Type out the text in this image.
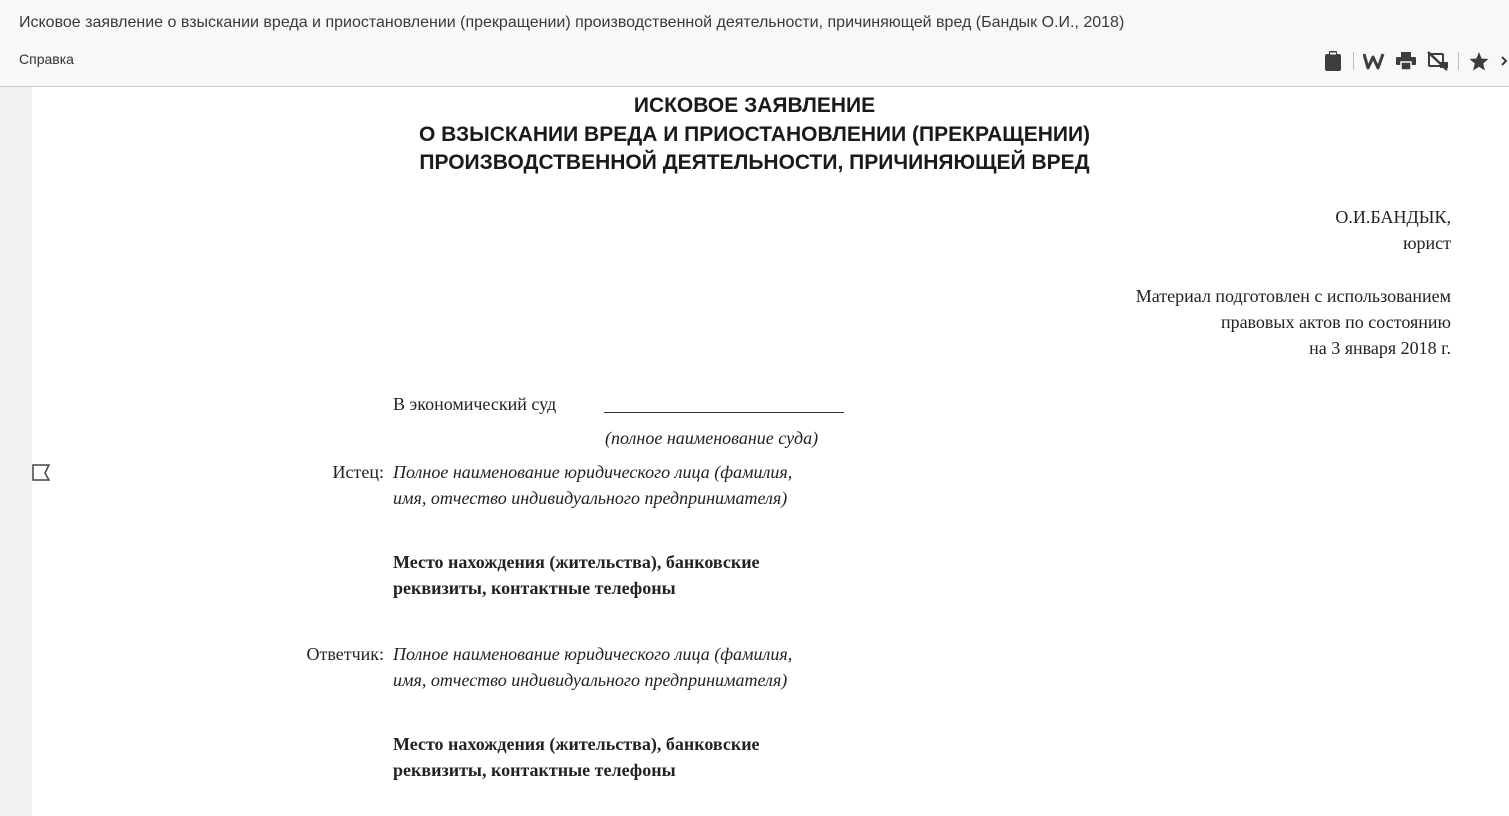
Исковое заявление о взыскании вреда и приостановлении (прекращении) производственной деятельности, причиняющей вред (Бандык О.И., 2018)
Справка
ИСКОВОЕ ЗАЯВЛЕНИЕ
О ВЗЫСКАНИИ ВРЕДА И ПРИОСТАНОВЛЕНИИ (ПРЕКРАЩЕНИИ)
ПРОИЗВОДСТВЕННОЙ ДЕЯТЕЛЬНОСТИ, ПРИЧИНЯЮЩЕЙ ВРЕД
О.И.БАНДЫК,
юрист
Материал подготовлен с использованием
правовых актов по состоянию
на 3 января 2018 г.
В экономический суд
(полное наименование суда)
Истец: Полное наименование юридического лица (фамилия,
имя, отчество индивидуального предпринимателя)
Место нахождения (жительства), банковские
реквизиты, контактные телефоны
Ответчик: Полное наименование юридического лица (фамилия,
имя, отчество индивидуального предпринимателя)
Место нахождения (жительства), банковские
реквизиты, контактные телефоны
